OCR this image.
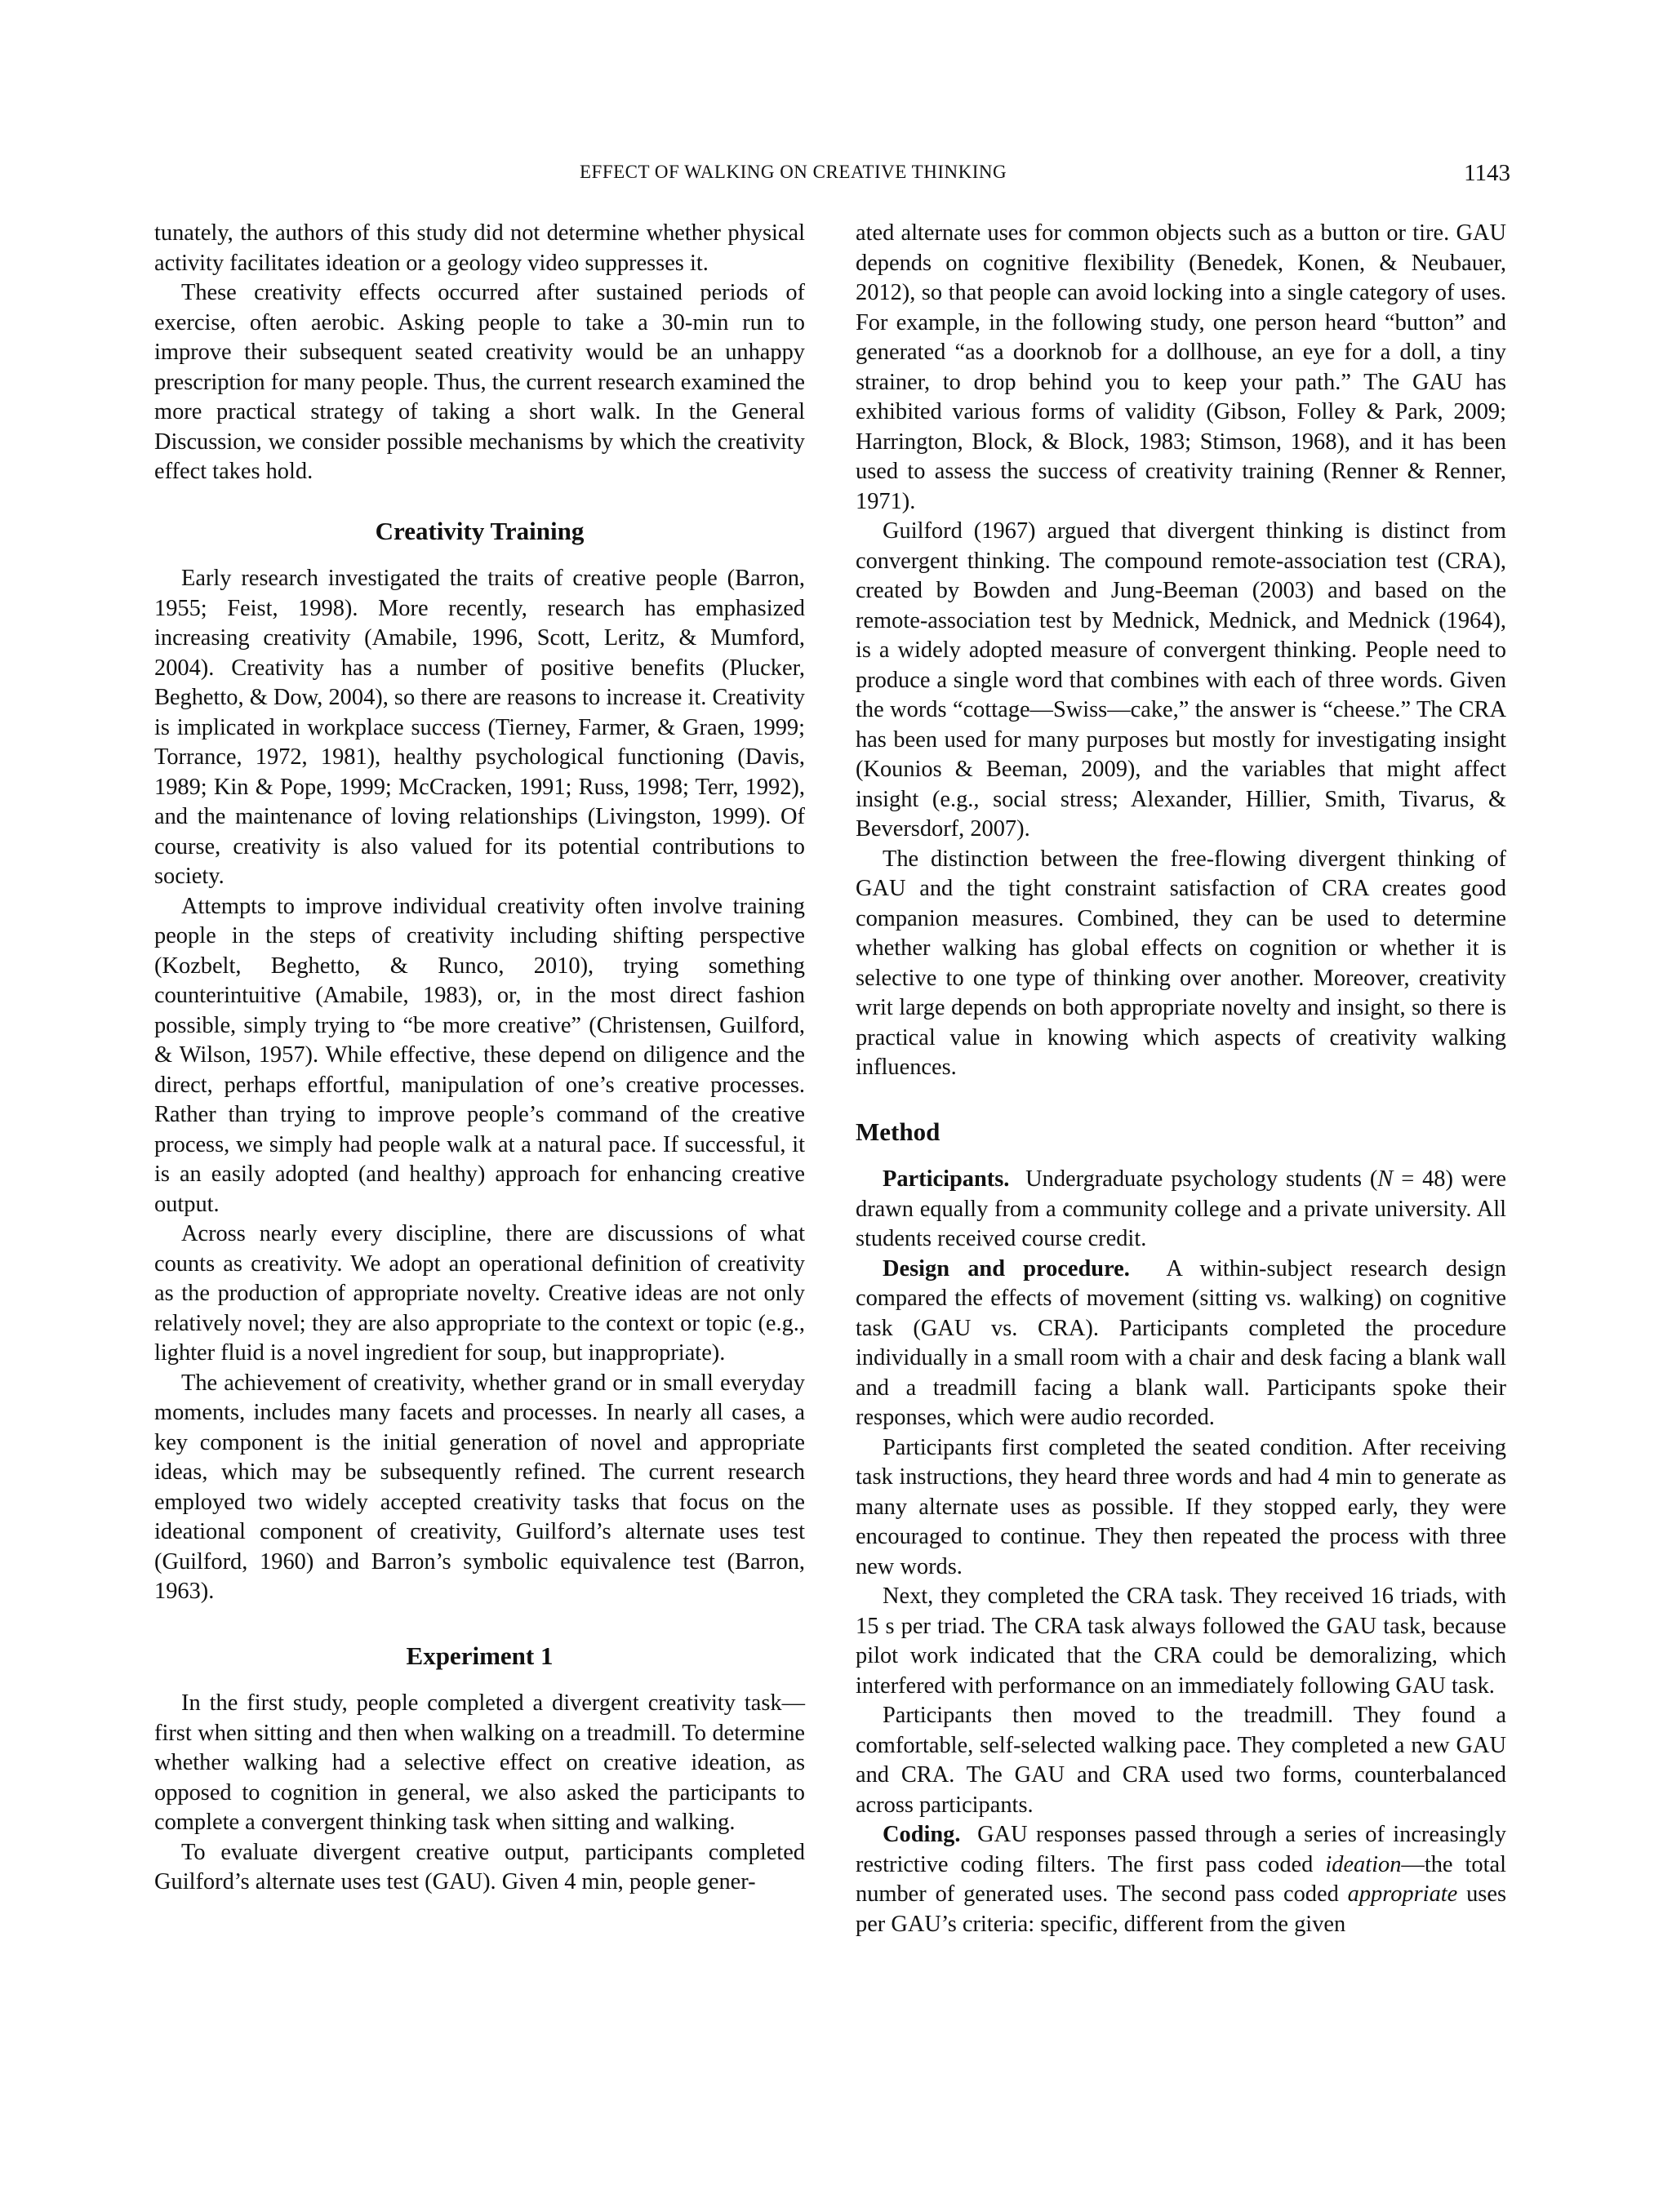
EFFECT OF WALKING ON CREATIVE THINKING	1143

tunately, the authors of this study did not determine whether physical activity facilitates ideation or a geology video suppresses it.

These creativity effects occurred after sustained periods of exercise, often aerobic. Asking people to take a 30-min run to improve their subsequent seated creativity would be an unhappy prescription for many people. Thus, the current research examined the more practical strategy of taking a short walk. In the General Discussion, we consider possible mechanisms by which the creativity effect takes hold.

Creativity Training

Early research investigated the traits of creative people (Barron, 1955; Feist, 1998). More recently, research has emphasized increasing creativity (Amabile, 1996, Scott, Leritz, & Mumford, 2004). Creativity has a number of positive benefits (Plucker, Beghetto, & Dow, 2004), so there are reasons to increase it. Creativity is implicated in workplace success (Tierney, Farmer, & Graen, 1999; Torrance, 1972, 1981), healthy psychological functioning (Davis, 1989; Kin & Pope, 1999; McCracken, 1991; Russ, 1998; Terr, 1992), and the maintenance of loving relationships (Livingston, 1999). Of course, creativity is also valued for its potential contributions to society.

Attempts to improve individual creativity often involve training people in the steps of creativity including shifting perspective (Kozbelt, Beghetto, & Runco, 2010), trying something counterintuitive (Amabile, 1983), or, in the most direct fashion possible, simply trying to “be more creative” (Christensen, Guilford, & Wilson, 1957). While effective, these depend on diligence and the direct, perhaps effortful, manipulation of one’s creative processes. Rather than trying to improve people’s command of the creative process, we simply had people walk at a natural pace. If successful, it is an easily adopted (and healthy) approach for enhancing creative output.

Across nearly every discipline, there are discussions of what counts as creativity. We adopt an operational definition of creativity as the production of appropriate novelty. Creative ideas are not only relatively novel; they are also appropriate to the context or topic (e.g., lighter fluid is a novel ingredient for soup, but inappropriate).

The achievement of creativity, whether grand or in small everyday moments, includes many facets and processes. In nearly all cases, a key component is the initial generation of novel and appropriate ideas, which may be subsequently refined. The current research employed two widely accepted creativity tasks that focus on the ideational component of creativity, Guilford’s alternate uses test (Guilford, 1960) and Barron’s symbolic equivalence test (Barron, 1963).

Experiment 1

In the first study, people completed a divergent creativity task—first when sitting and then when walking on a treadmill. To determine whether walking had a selective effect on creative ideation, as opposed to cognition in general, we also asked the participants to complete a convergent thinking task when sitting and walking.

To evaluate divergent creative output, participants completed Guilford’s alternate uses test (GAU). Given 4 min, people gener-

ated alternate uses for common objects such as a button or tire. GAU depends on cognitive flexibility (Benedek, Konen, & Neubauer, 2012), so that people can avoid locking into a single category of uses. For example, in the following study, one person heard “button” and generated “as a doorknob for a dollhouse, an eye for a doll, a tiny strainer, to drop behind you to keep your path.” The GAU has exhibited various forms of validity (Gibson, Folley & Park, 2009; Harrington, Block, & Block, 1983; Stimson, 1968), and it has been used to assess the success of creativity training (Renner & Renner, 1971).

Guilford (1967) argued that divergent thinking is distinct from convergent thinking. The compound remote-association test (CRA), created by Bowden and Jung-Beeman (2003) and based on the remote-association test by Mednick, Mednick, and Mednick (1964), is a widely adopted measure of convergent thinking. People need to produce a single word that combines with each of three words. Given the words “cottage—Swiss—cake,” the answer is “cheese.” The CRA has been used for many purposes but mostly for investigating insight (Kounios & Beeman, 2009), and the variables that might affect insight (e.g., social stress; Alexander, Hillier, Smith, Tivarus, & Beversdorf, 2007).

The distinction between the free-flowing divergent thinking of GAU and the tight constraint satisfaction of CRA creates good companion measures. Combined, they can be used to determine whether walking has global effects on cognition or whether it is selective to one type of thinking over another. Moreover, creativity writ large depends on both appropriate novelty and insight, so there is practical value in knowing which aspects of creativity walking influences.

Method

Participants. Undergraduate psychology students (N = 48) were drawn equally from a community college and a private university. All students received course credit.

Design and procedure. A within-subject research design compared the effects of movement (sitting vs. walking) on cognitive task (GAU vs. CRA). Participants completed the procedure individually in a small room with a chair and desk facing a blank wall and a treadmill facing a blank wall. Participants spoke their responses, which were audio recorded.

Participants first completed the seated condition. After receiving task instructions, they heard three words and had 4 min to generate as many alternate uses as possible. If they stopped early, they were encouraged to continue. They then repeated the process with three new words.

Next, they completed the CRA task. They received 16 triads, with 15 s per triad. The CRA task always followed the GAU task, because pilot work indicated that the CRA could be demoralizing, which interfered with performance on an immediately following GAU task.

Participants then moved to the treadmill. They found a comfortable, self-selected walking pace. They completed a new GAU and CRA. The GAU and CRA used two forms, counterbalanced across participants.

Coding. GAU responses passed through a series of increasingly restrictive coding filters. The first pass coded ideation—the total number of generated uses. The second pass coded appropriate uses per GAU’s criteria: specific, different from the given
